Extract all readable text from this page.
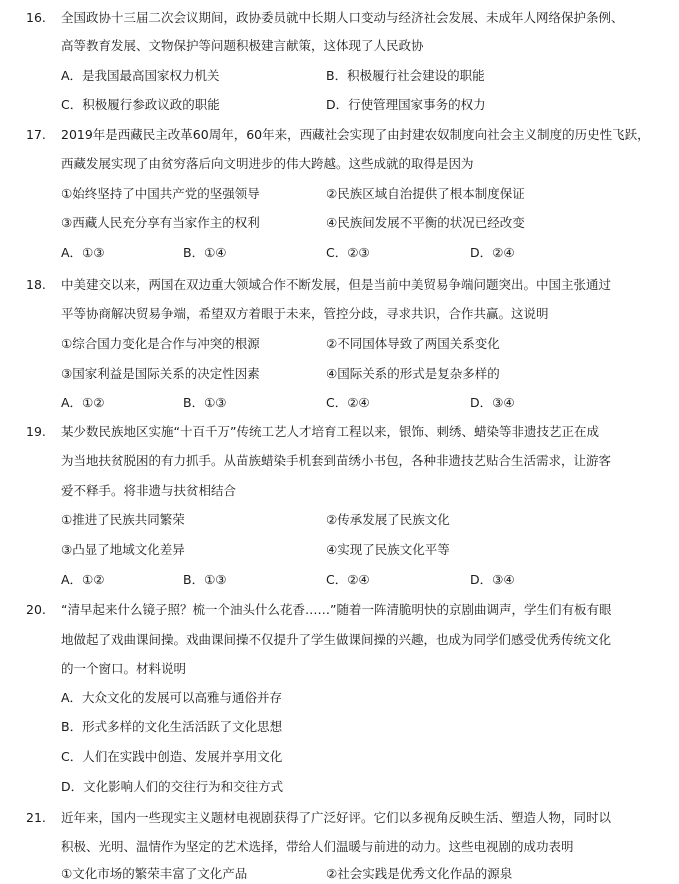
16. 全国政协十三届二次会议期间，政协委员就中长期人口变动与经济社会发展、未成年人网络保护条例、
高等教育发展、文物保护等问题积极建言献策，这体现了人民政协
A．是我国最高国家权力机关	B．积极履行社会建设的职能
C．积极履行参政议政的职能	D．行使管理国家事务的权力
17. 2019年是西藏民主改革60周年，60年来，西藏社会实现了由封建农奴制度向社会主义制度的历史性飞跃，
西藏发展实现了由贫穷落后向文明进步的伟大跨越。这些成就的取得是因为
①始终坚持了中国共产党的坚强领导	②民族区域自治提供了根本制度保证
③西藏人民充分享有当家作主的权利	④民族间发展不平衡的状况已经改变
A．①③	B．①④	C．②③	D．②④
18. 中美建交以来，两国在双边重大领域合作不断发展，但是当前中美贸易争端问题突出。中国主张通过
平等协商解决贸易争端，希望双方着眼于未来，管控分歧，寻求共识，合作共赢。这说明
①综合国力变化是合作与冲突的根源	②不同国体导致了两国关系变化
③国家利益是国际关系的决定性因素	④国际关系的形式是复杂多样的
A．①②	B．①③	C．②④	D．③④
19. 某少数民族地区实施“十百千万”传统工艺人才培育工程以来，银饰、刺绣、蜡染等非遗技艺正在成
为当地扶贫脱困的有力抓手。从苗族蜡染手机套到苗绣小书包，各种非遗技艺贴合生活需求，让游客
爱不释手。将非遗与扶贫相结合
①推进了民族共同繁荣	②传承发展了民族文化
③凸显了地域文化差异	④实现了民族文化平等
A．①②	B．①③	C．②④	D．③④
20. “清早起来什么镜子照？梳一个油头什么花香……”随着一阵清脆明快的京剧曲调声，学生们有板有眼
地做起了戏曲课间操。戏曲课间操不仅提升了学生做课间操的兴趣，也成为同学们感受优秀传统文化
的一个窗口。材料说明
A．大众文化的发展可以高雅与通俗并存
B．形式多样的文化生活活跃了文化思想
C．人们在实践中创造、发展并享用文化
D．文化影响人们的交往行为和交往方式
21. 近年来，国内一些现实主义题材电视剧获得了广泛好评。它们以多视角反映生活、塑造人物，同时以
积极、光明、温情作为坚定的艺术选择，带给人们温暖与前进的动力。这些电视剧的成功表明
①文化市场的繁荣丰富了文化产品	②社会实践是优秀文化作品的源泉
